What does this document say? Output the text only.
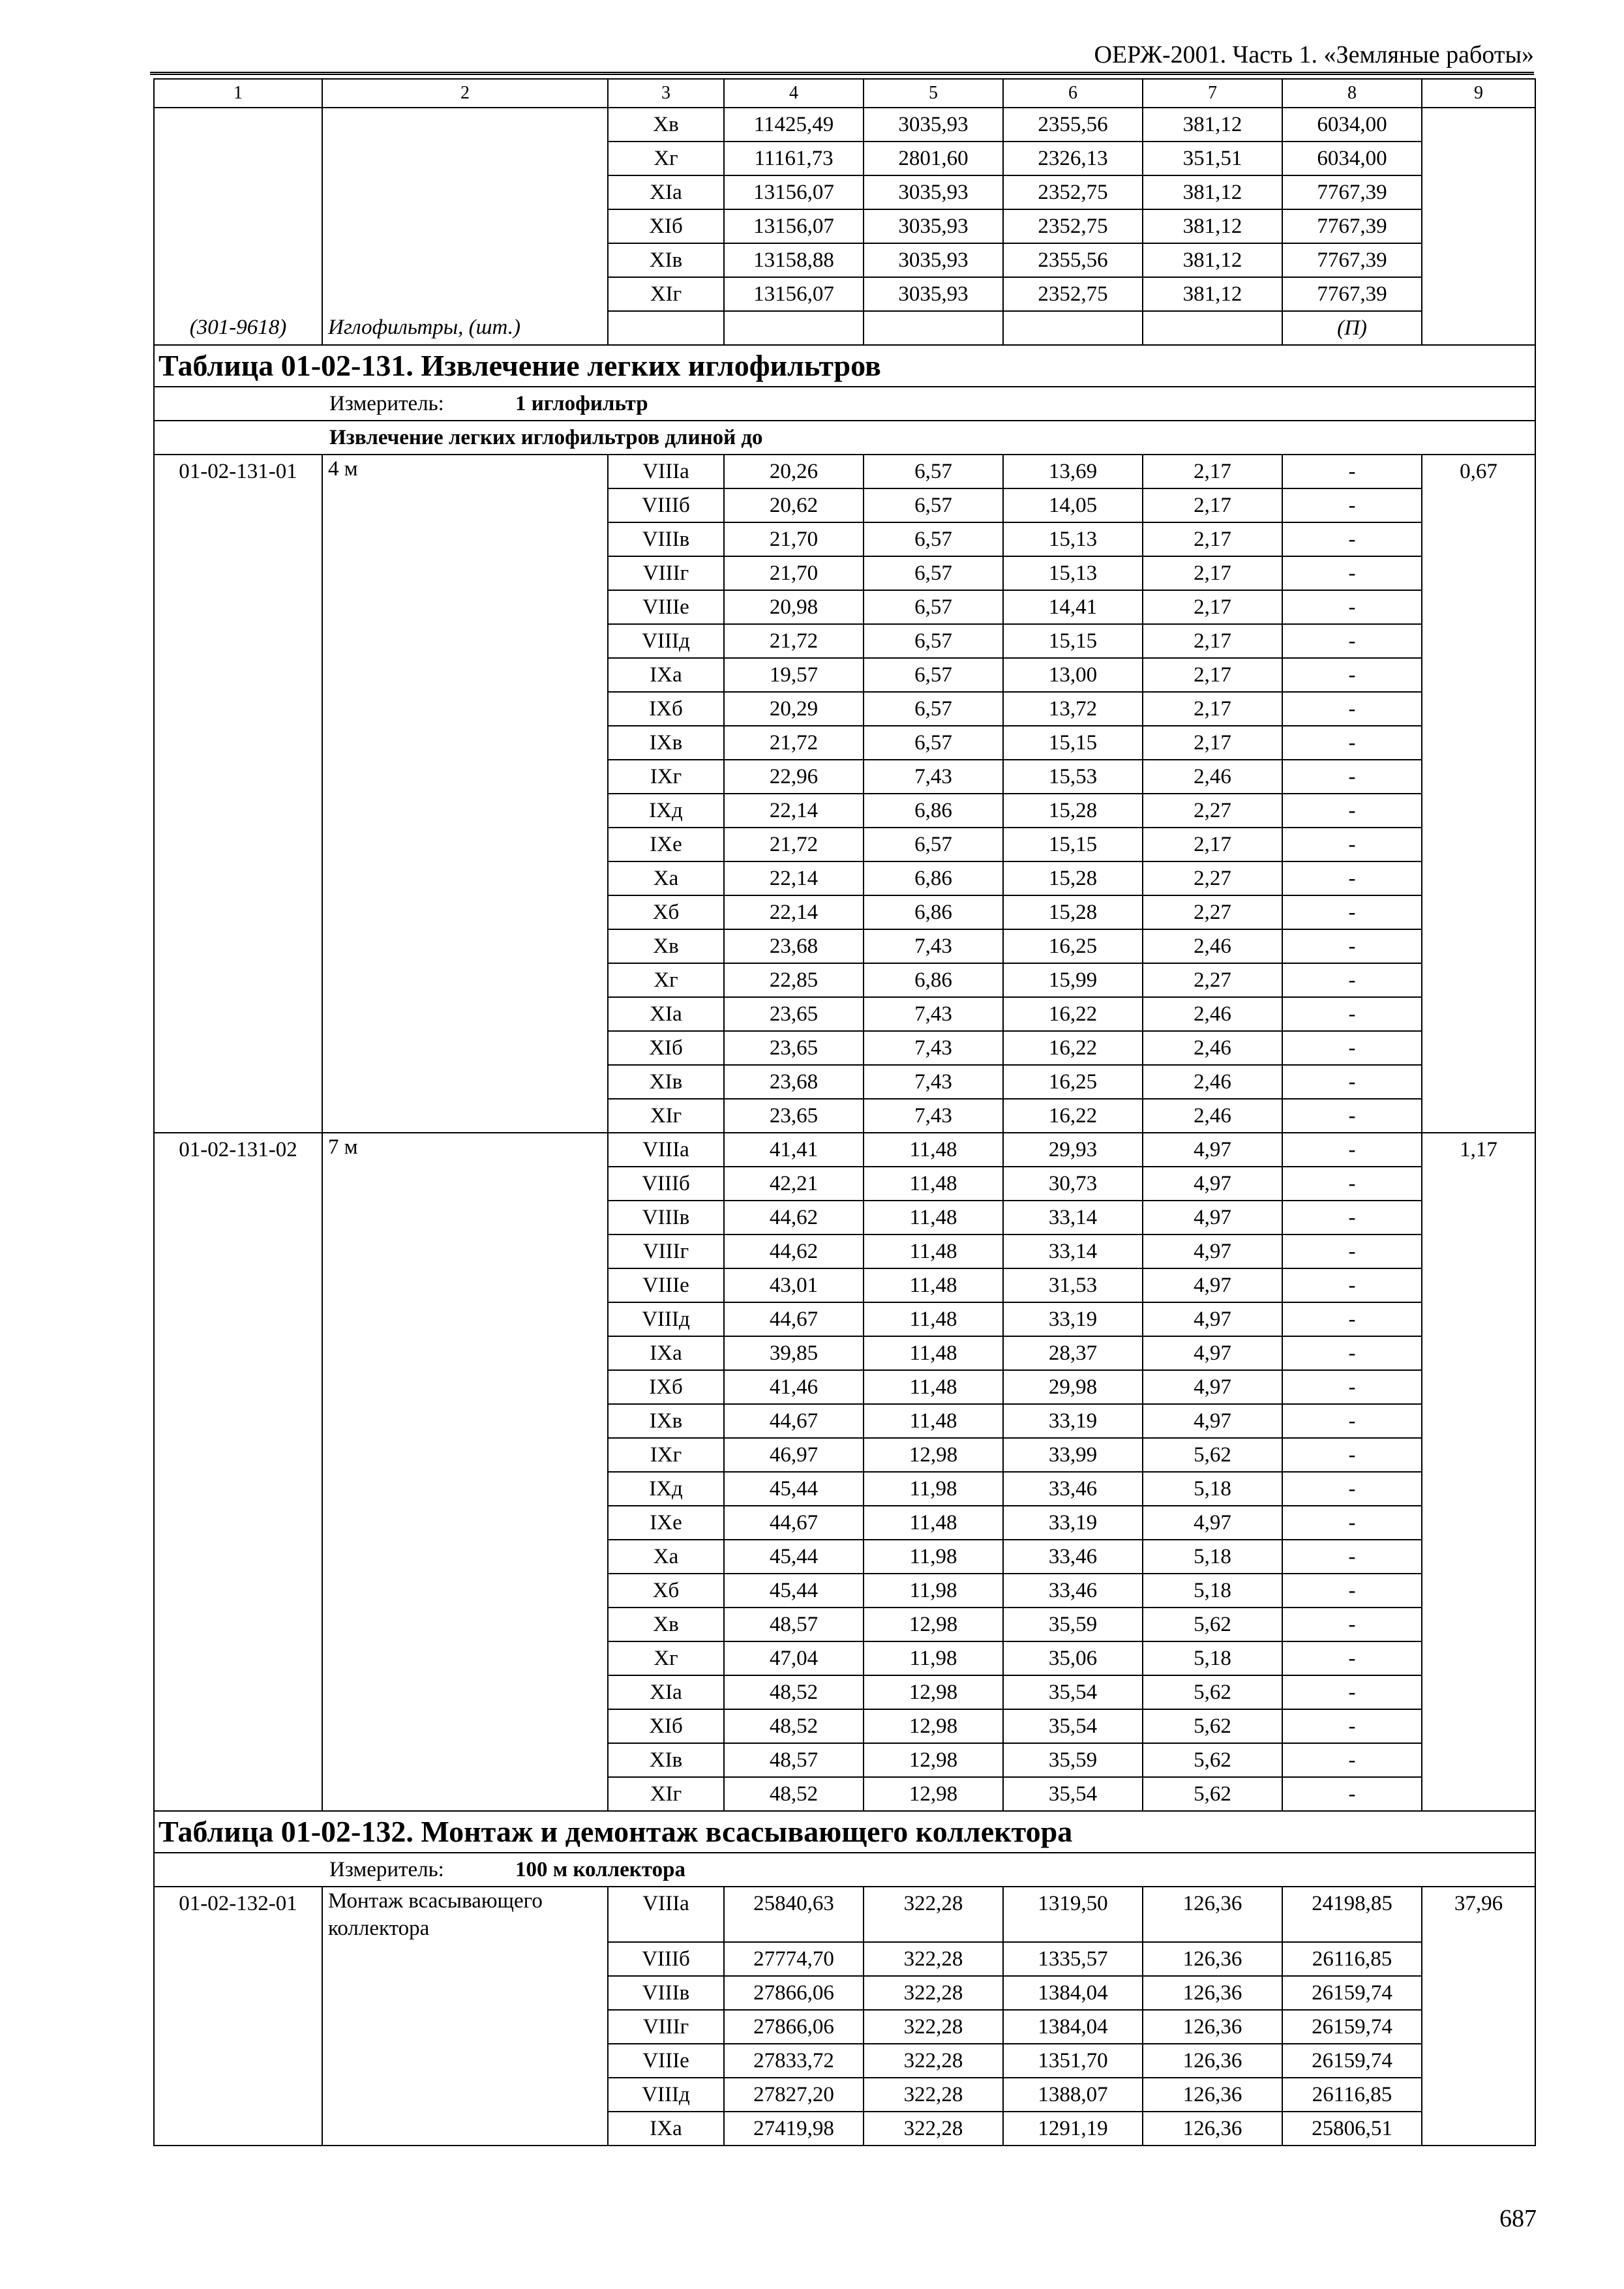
ОЕРЖ-2001. Часть 1. «Земляные работы»
1	2	3	4	5	6	7	8	9
		Хв	11425,49	3035,93	2355,56	381,12	6034,00	
		Хг	11161,73	2801,60	2326,13	351,51	6034,00	
		ХIа	13156,07	3035,93	2352,75	381,12	7767,39	
		ХIб	13156,07	3035,93	2352,75	381,12	7767,39	
		ХIв	13158,88	3035,93	2355,56	381,12	7767,39	
		ХIг	13156,07	3035,93	2352,75	381,12	7767,39	
(301-9618)	Иглофильтры, (шт.)						(П)	
Таблица 01-02-131. Извлечение легких иглофильтров								
Измеритель: 1 иглофильтр								
Извлечение легких иглофильтров длиной до								
01-02-131-01	4 м	VIIIа	20,26	6,57	13,69	2,17	-	0,67
		VIIIб	20,62	6,57	14,05	2,17	-	
		VIIIв	21,70	6,57	15,13	2,17	-	
		VIIIг	21,70	6,57	15,13	2,17	-	
		VIIIе	20,98	6,57	14,41	2,17	-	
		VIIIд	21,72	6,57	15,15	2,17	-	
		IХа	19,57	6,57	13,00	2,17	-	
		IХб	20,29	6,57	13,72	2,17	-	
		IХв	21,72	6,57	15,15	2,17	-	
		IХг	22,96	7,43	15,53	2,46	-	
		IХд	22,14	6,86	15,28	2,27	-	
		IХе	21,72	6,57	15,15	2,17	-	
		Ха	22,14	6,86	15,28	2,27	-	
		Хб	22,14	6,86	15,28	2,27	-	
		Хв	23,68	7,43	16,25	2,46	-	
		Хг	22,85	6,86	15,99	2,27	-	
		ХIа	23,65	7,43	16,22	2,46	-	
		ХIб	23,65	7,43	16,22	2,46	-	
		ХIв	23,68	7,43	16,25	2,46	-	
		ХIг	23,65	7,43	16,22	2,46	-	
01-02-131-02	7 м	VIIIа	41,41	11,48	29,93	4,97	-	1,17
		VIIIб	42,21	11,48	30,73	4,97	-	
		VIIIв	44,62	11,48	33,14	4,97	-	
		VIIIг	44,62	11,48	33,14	4,97	-	
		VIIIе	43,01	11,48	31,53	4,97	-	
		VIIIд	44,67	11,48	33,19	4,97	-	
		IХа	39,85	11,48	28,37	4,97	-	
		IХб	41,46	11,48	29,98	4,97	-	
		IХв	44,67	11,48	33,19	4,97	-	
		IХг	46,97	12,98	33,99	5,62	-	
		IХд	45,44	11,98	33,46	5,18	-	
		IХе	44,67	11,48	33,19	4,97	-	
		Ха	45,44	11,98	33,46	5,18	-	
		Хб	45,44	11,98	33,46	5,18	-	
		Хв	48,57	12,98	35,59	5,62	-	
		Хг	47,04	11,98	35,06	5,18	-	
		ХIа	48,52	12,98	35,54	5,62	-	
		ХIб	48,52	12,98	35,54	5,62	-	
		ХIв	48,57	12,98	35,59	5,62	-	
		ХIг	48,52	12,98	35,54	5,62	-	
Таблица 01-02-132. Монтаж и демонтаж всасывающего коллектора								
Измеритель: 100 м коллектора								
01-02-132-01	Монтаж всасывающего коллектора	VIIIа	25840,63	322,28	1319,50	126,36	24198,85	37,96
		VIIIб	27774,70	322,28	1335,57	126,36	26116,85	
		VIIIв	27866,06	322,28	1384,04	126,36	26159,74	
		VIIIг	27866,06	322,28	1384,04	126,36	26159,74	
		VIIIе	27833,72	322,28	1351,70	126,36	26159,74	
		VIIIд	27827,20	322,28	1388,07	126,36	26116,85	
		IХа	27419,98	322,28	1291,19	126,36	25806,51	
687
